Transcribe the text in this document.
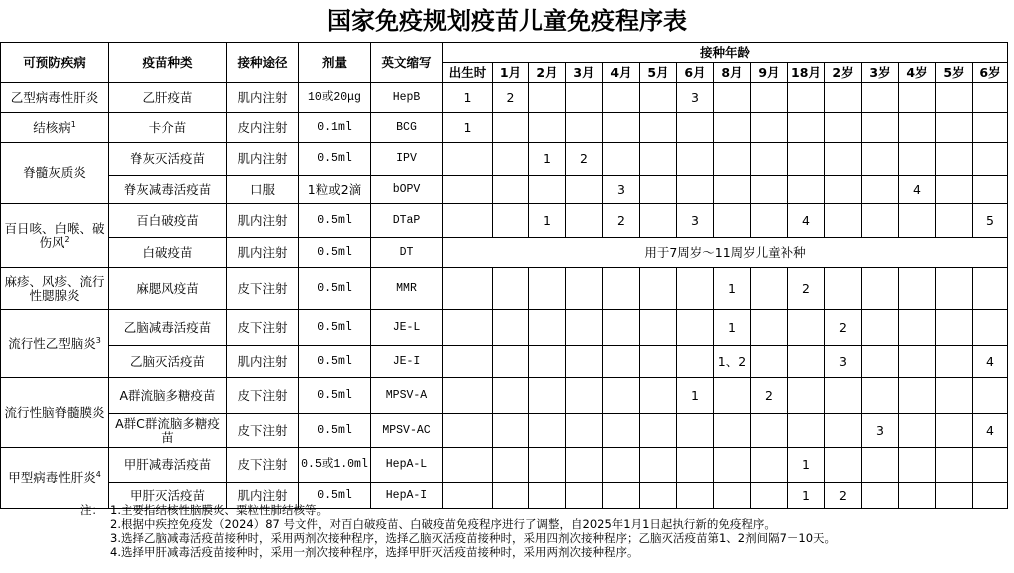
国家免疫规划疫苗儿童免疫程序表
可预防疾病	疫苗种类	接种途径	剂量	英文缩写	接种年龄														
					出生时	1月	2月	3月	4月	5月	6月	8月	9月	18月	2岁	3岁	4岁	5岁	6岁
乙型病毒性肝炎	乙肝疫苗	肌内注射	10或20μg	HepB	1	2					3								
结核病$^1$	卡介苗	皮内注射	0.1ml	BCG	1														
脊髓灰质炎	脊灰灭活疫苗	肌内注射	0.5ml	IPV			1	2											
	脊灰减毒活疫苗	口服	1粒或2滴	bOPV					3								4		
百日咳、白喉、破伤风$^2$	百白破疫苗	肌内注射	0.5ml	DTaP			1		2		3			4					5
	白破疫苗	肌内注射	0.5ml	DT	用于7周岁～11周岁儿童补种														
麻疹、风疹、流行性腮腺炎	麻腮风疫苗	皮下注射	0.5ml	MMR								1		2					
流行性乙型脑炎$^3$	乙脑减毒活疫苗	皮下注射	0.5ml	JE-L								1			2				
	乙脑灭活疫苗	肌内注射	0.5ml	JE-I								1、2			3				4
流行性脑脊髓膜炎	A群流脑多糖疫苗	皮下注射	0.5ml	MPSV-A							1		2						
	A群C群流脑多糖疫苗	皮下注射	0.5ml	MPSV-AC												3			4
甲型病毒性肝炎$^4$	甲肝减毒活疫苗	皮下注射	0.5或1.0ml	HepA-L										1					
	甲肝灭活疫苗	肌内注射	0.5ml	HepA-I										1	2				
注： 1.主要指结核性脑膜炎、粟粒性肺结核等。
2.根据中疾控免疫发（2024）87 号文件，对百白破疫苗、白破疫苗免疫程序进行了调整，自2025年1月1日起执行新的免疫程序。
3.选择乙脑减毒活疫苗接种时，采用两剂次接种程序，选择乙脑灭活疫苗接种时，采用四剂次接种程序；乙脑灭活疫苗第1、2剂间隔7－10天。
4.选择甲肝减毒活疫苗接种时，采用一剂次接种程序，选择甲肝灭活疫苗接种时，采用两剂次接种程序。
